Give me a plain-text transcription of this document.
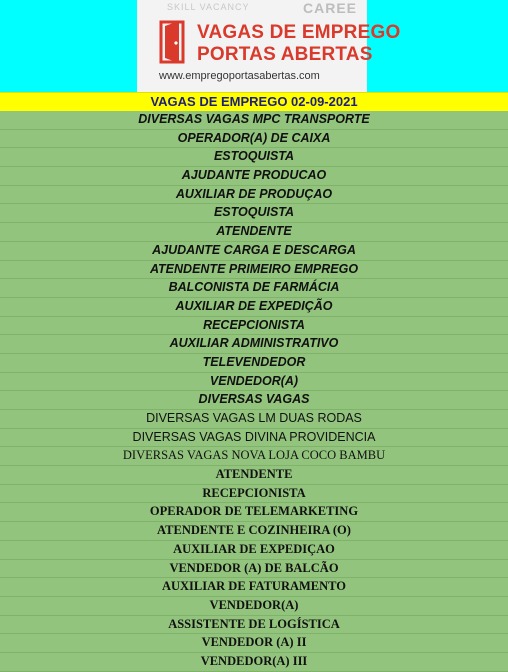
SKILL VACANCY	CAREE
VAGAS DE EMPREGO
PORTAS ABERTAS
www.empregoportasabertas.com
VAGAS DE EMPREGO 02-09-2021
DIVERSAS VAGAS MPC TRANSPORTE
OPERADOR(A) DE CAIXA
ESTOQUISTA
AJUDANTE PRODUCAO
AUXILIAR DE PRODUÇAO
ESTOQUISTA
ATENDENTE
AJUDANTE CARGA E DESCARGA
ATENDENTE PRIMEIRO EMPREGO
BALCONISTA DE FARMÁCIA
AUXILIAR DE EXPEDIÇÃO
RECEPCIONISTA
AUXILIAR ADMINISTRATIVO
TELEVENDEDOR
VENDEDOR(A)
DIVERSAS VAGAS
DIVERSAS VAGAS LM DUAS RODAS
DIVERSAS VAGAS DIVINA PROVIDENCIA
DIVERSAS VAGAS NOVA LOJA COCO BAMBU
ATENDENTE
RECEPCIONISTA
OPERADOR DE TELEMARKETING
ATENDENTE E COZINHEIRA (O)
AUXILIAR DE EXPEDIÇAO
VENDEDOR (A) DE BALCÃO
AUXILIAR DE FATURAMENTO
VENDEDOR(A)
ASSISTENTE DE LOGÍSTICA
VENDEDOR (A) II
VENDEDOR(A) III
